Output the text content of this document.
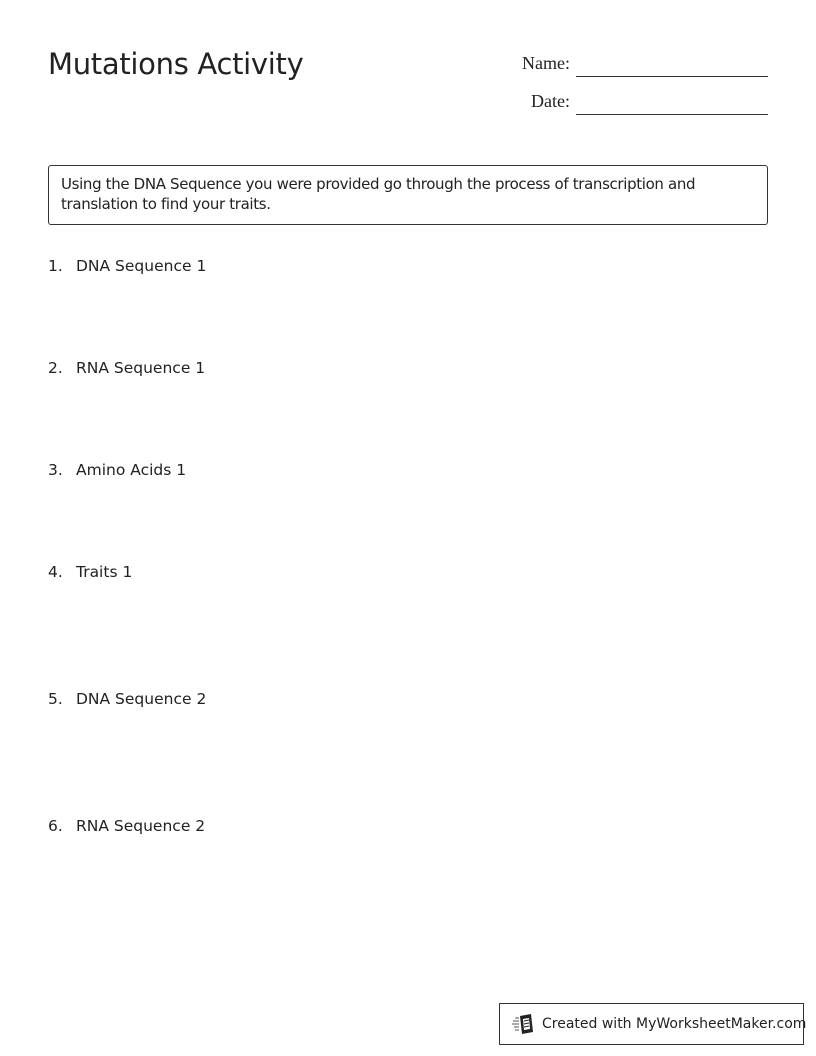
Mutations Activity	Name:
Date:
Using the DNA Sequence you were provided go through the process of transcription and translation to find your traits.
1. DNA Sequence 1
2. RNA Sequence 1
3. Amino Acids 1
4. Traits 1
5. DNA Sequence 2
6. RNA Sequence 2
Created with MyWorksheetMaker.com
